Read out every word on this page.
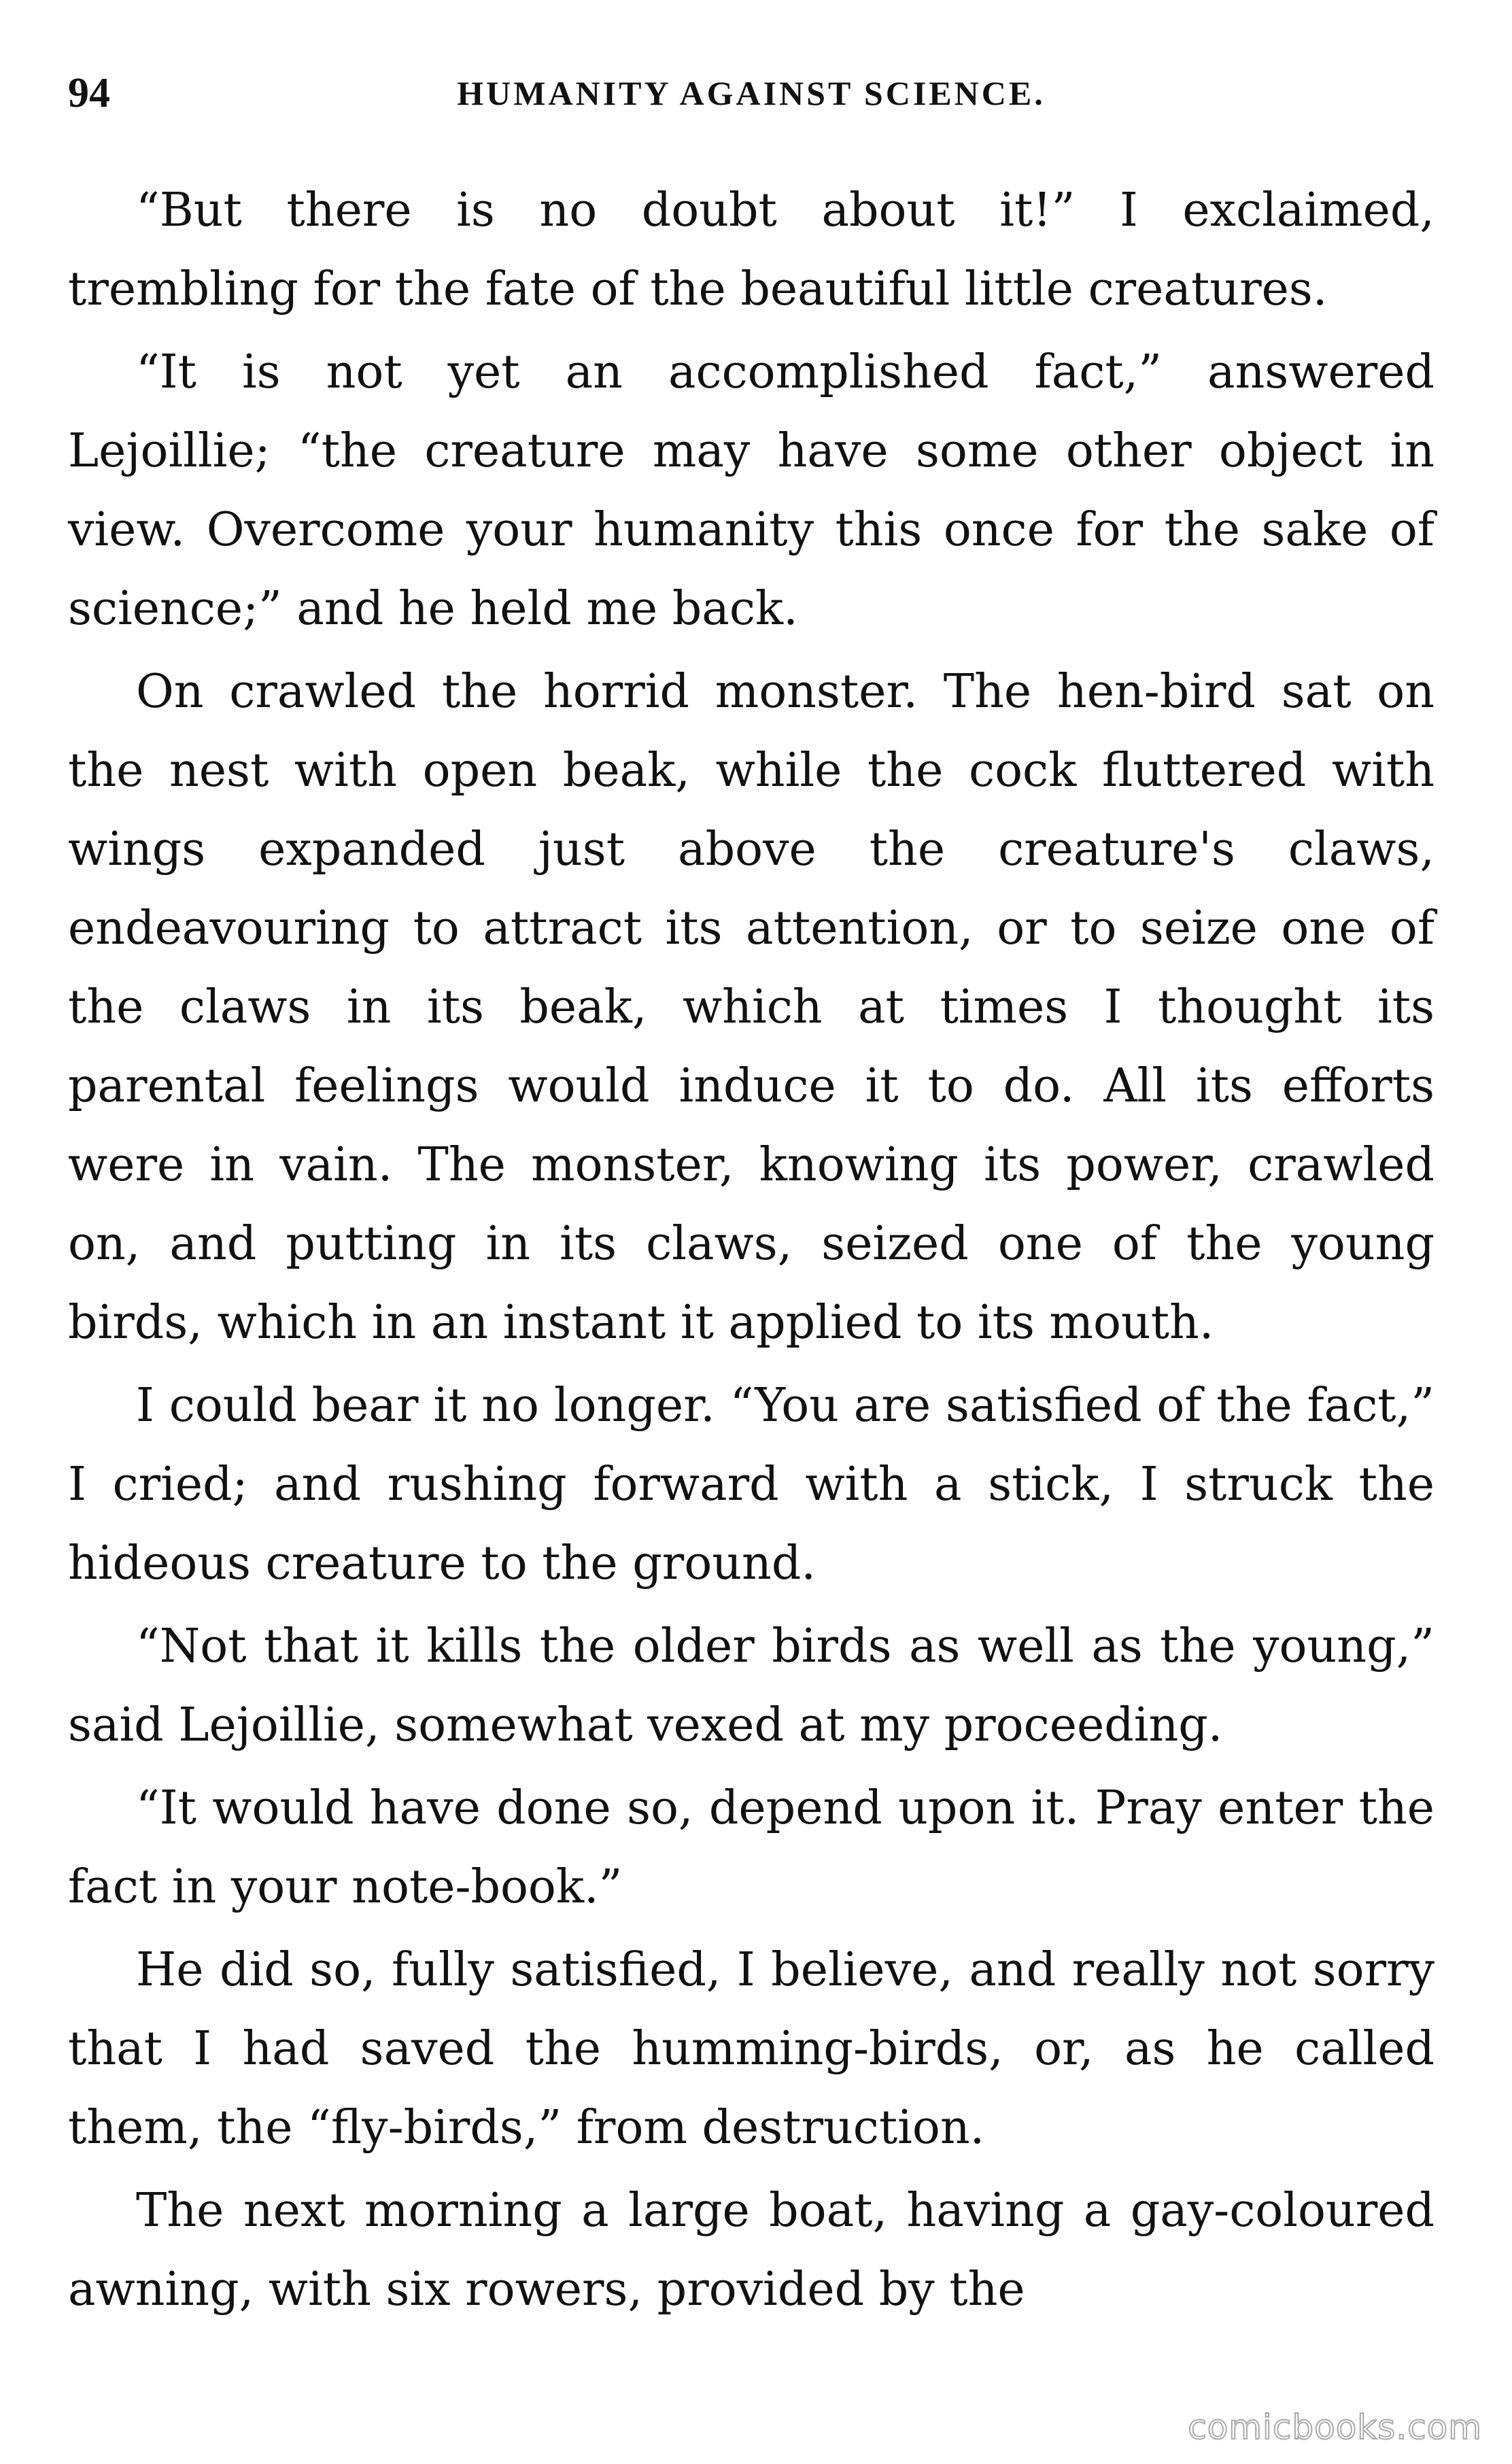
94	HUMANITY AGAINST SCIENCE.

“But there is no doubt about it!” I exclaimed, trembling for the fate of the beautiful little creatures.

“It is not yet an accomplished fact,” answered Lejoillie; “the creature may have some other object in view. Overcome your humanity this once for the sake of science;” and he held me back.

On crawled the horrid monster. The hen-bird sat on the nest with open beak, while the cock fluttered with wings expanded just above the creature's claws, endeavouring to attract its attention, or to seize one of the claws in its beak, which at times I thought its parental feelings would induce it to do. All its efforts were in vain. The monster, knowing its power, crawled on, and putting in its claws, seized one of the young birds, which in an instant it applied to its mouth.

I could bear it no longer. “You are satisfied of the fact,” I cried; and rushing forward with a stick, I struck the hideous creature to the ground.

“Not that it kills the older birds as well as the young,” said Lejoillie, somewhat vexed at my proceeding.

“It would have done so, depend upon it. Pray enter the fact in your note-book.”

He did so, fully satisfied, I believe, and really not sorry that I had saved the humming-birds, or, as he called them, the “fly-birds,” from destruction.

The next morning a large boat, having a gay-coloured awning, with six rowers, provided by the

comicbooks.com
